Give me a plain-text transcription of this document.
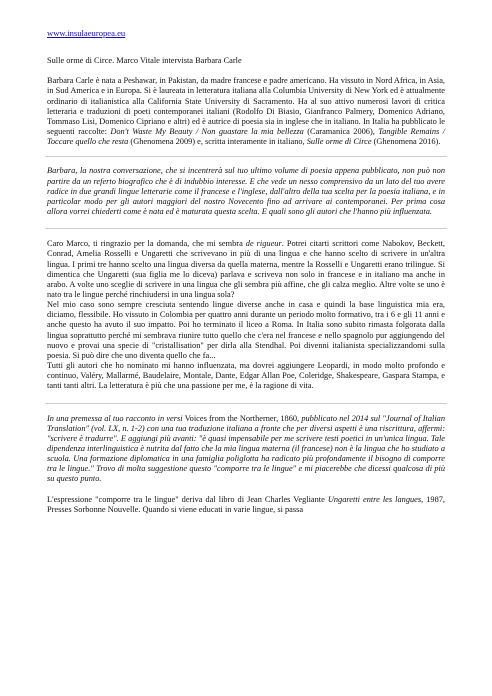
www.insulaeuropea.eu

Sulle orme di Circe. Marco Vitale intervista Barbara Carle

Barbara Carle è nata a Peshawar, in Pakistan, da madre francese e padre americano. Ha vissuto in Nord Africa, in Asia, in Sud America e in Europa. Si è laureata in letteratura italiana alla Columbia University di New York ed è attualmente ordinario di italianistica alla California State University di Sacramento. Ha al suo attivo numerosi lavori di critica letteraria e traduzioni di poeti contemporanei italiani (Rodolfo Di Biasio, Gianfranco Palmery, Domenico Adriano, Tommaso Lisi, Domenico Cipriano e altri) ed è autrice di poesia sia in inglese che in italiano. In Italia ha pubblicato le seguenti raccolte: Don't Waste My Beauty / Non guastare la mia bellezza (Caramanica 2006), Tangible Remains / Toccare quello che resta (Ghenomena 2009) e, scritta interamente in italiano, Sulle orme di Circe (Ghenomena 2016).

Barbara, la nostra conversazione, che si incentrerà sul tuo ultimo volume di poesia appena pubblicato, non può non partire da un referto biografico che è di indubbio interesse. E che vede un nesso comprensivo da un lato del tuo avere radice in due grandi lingue letterarie come il francese e l'inglese, dall'altro della tua scelta per la poesia italiana, e in particolar modo per gli autori maggiori del nostro Novecento fino ad arrivare ai contemporanei. Per prima cosa allora vorrei chiederti come è nata ed è maturata questa scelta. E quali sono gli autori che l'hanno più influenzata.

Caro Marco, ti ringrazio per la domanda, che mi sembra de rigueur. Potrei citarti scrittori come Nabokov, Beckett, Conrad, Amelia Rosselli e Ungaretti che scrivevano in più di una lingua e che hanno scelto di scrivere in un'altra lingua. I primi tre hanno scelto una lingua diversa da quella materna, mentre la Rosselli e Ungaretti erano trilingue. Si dimentica che Ungaretti (sua figlia me lo diceva) parlava e scriveva non solo in francese e in italiano ma anche in arabo. A volte uno sceglie di scrivere in una lingua che gli sembra più affine, che gli calza meglio. Altre volte se uno è nato tra le lingue perché rinchiudersi in una lingua sola?

Nel mio caso sono sempre cresciuta sentendo lingue diverse anche in casa e quindi la base linguistica mia era, diciamo, flessibile. Ho vissuto in Colombia per quattro anni durante un periodo molto formativo, tra i 6 e gli 11 anni e anche questo ha avuto il suo impatto. Poi ho terminato il liceo a Roma. In Italia sono subito rimasta folgorata dalla lingua soprattutto perché mi sembrava riunire tutto quello che c'era nel francese e nello spagnolo pur aggiungendo del nuovo e provai una specie di "cristallisation" per dirla alla Stendhal. Poi divenni italianista specializzandomi sulla poesia. Si può dire che uno diventa quello che fa...

Tutti gli autori che ho nominato mi hanno influenzata, ma dovrei aggiungere Leopardi, in modo molto profondo e continuo, Valéry, Mallarmé, Baudelaire, Montale, Dante, Edgar Allan Poe, Coleridge, Shakespeare, Gaspara Stampa, e tanti tanti altri. La letteratura è più che una passione per me, è la ragione di vita.

In una premessa al tuo racconto in versi Voices from the Northerner, 1860, pubblicato nel 2014 sul "Journal of Italian Translation" (vol. LX, n. 1-2) con una tua traduzione italiana a fronte che per diversi aspetti è una riscrittura, affermi: "scrivere è tradurre". E aggiungi più avanti: "è quasi impensabile per me scrivere testi poetici in un'unica lingua. Tale dipendenza interlinguistica è nutrita dal fatto che la mia lingua materna (il francese) non è la lingua che ho studiato a scuola. Una formazione diplomatica in una famiglia poliglotta ha radicato più profondamente il bisogno di comporre tra le lingue." Trovo di molta suggestione questo "comporre tra le lingue" e mi piacerebbe che dicessi qualcosa di più su questo punto.

L'espressione "comporre tra le lingue" deriva dal libro di Jean Charles Vegliante Ungaretti entre les langues, 1987, Presses Sorbonne Nouvelle. Quando si viene educati in varie lingue, si passa
